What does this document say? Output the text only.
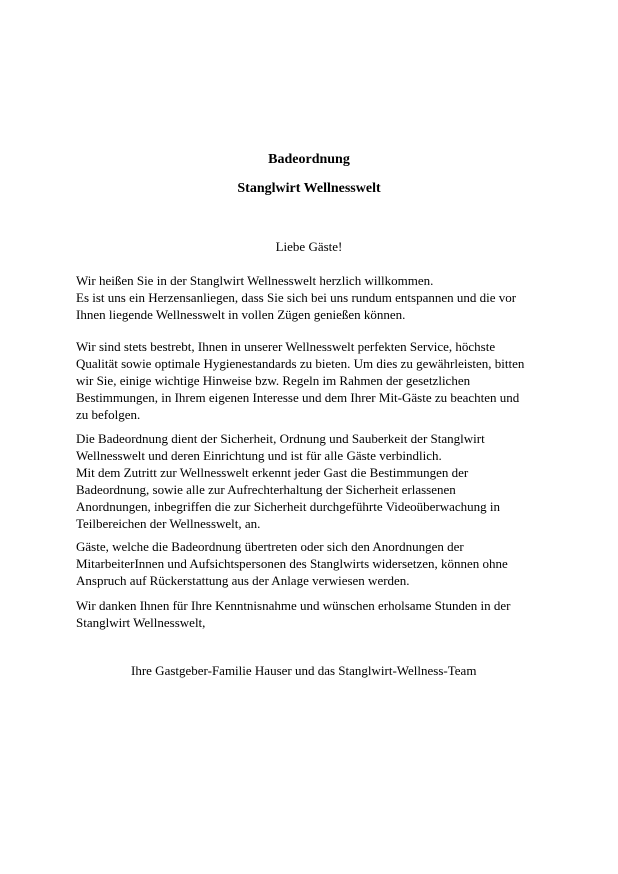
Badeordnung
Stanglwirt Wellnesswelt
Liebe Gäste!
Wir heißen Sie in der Stanglwirt Wellnesswelt herzlich willkommen.
Es ist uns ein Herzensanliegen, dass Sie sich bei uns rundum entspannen und die vor
Ihnen liegende Wellnesswelt in vollen Zügen genießen können.
Wir sind stets bestrebt, Ihnen in unserer Wellnesswelt perfekten Service, höchste
Qualität sowie optimale Hygienestandards zu bieten. Um dies zu gewährleisten, bitten
wir Sie, einige wichtige Hinweise bzw. Regeln im Rahmen der gesetzlichen
Bestimmungen, in Ihrem eigenen Interesse und dem Ihrer Mit-Gäste zu beachten und
zu befolgen.
Die Badeordnung dient der Sicherheit, Ordnung und Sauberkeit der Stanglwirt
Wellnesswelt und deren Einrichtung und ist für alle Gäste verbindlich.
Mit dem Zutritt zur Wellnesswelt erkennt jeder Gast die Bestimmungen der
Badeordnung, sowie alle zur Aufrechterhaltung der Sicherheit erlassenen
Anordnungen, inbegriffen die zur Sicherheit durchgeführte Videoüberwachung in
Teilbereichen der Wellnesswelt, an.
Gäste, welche die Badeordnung übertreten oder sich den Anordnungen der
MitarbeiterInnen und Aufsichtspersonen des Stanglwirts widersetzen, können ohne
Anspruch auf Rückerstattung aus der Anlage verwiesen werden.
Wir danken Ihnen für Ihre Kenntnisnahme und wünschen erholsame Stunden in der
Stanglwirt Wellnesswelt,
Ihre Gastgeber-Familie Hauser und das Stanglwirt-Wellness-Team
